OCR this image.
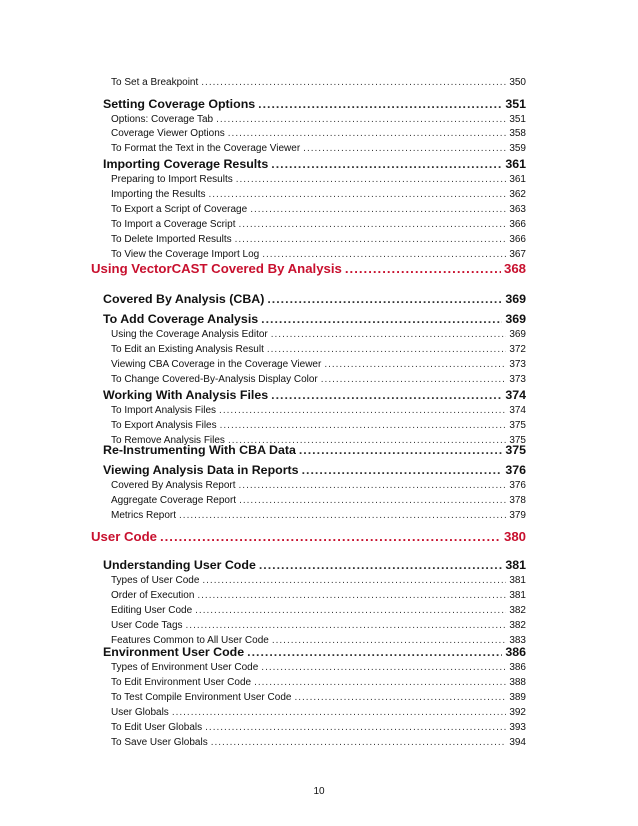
To Set a Breakpoint .....	350
Setting Coverage Options .....	351
Options: Coverage Tab .....	351
Coverage Viewer Options .....	358
To Format the Text in the Coverage Viewer .....	359
Importing Coverage Results .....	361
Preparing to Import Results .....	361
Importing the Results .....	362
To Export a Script of Coverage .....	363
To Import a Coverage Script .....	366
To Delete Imported Results .....	366
To View the Coverage Import Log .....	367
Using VectorCAST Covered By Analysis .....	368
Covered By Analysis (CBA) .....	369
To Add Coverage Analysis .....	369
Using the Coverage Analysis Editor .....	369
To Edit an Existing Analysis Result .....	372
Viewing CBA Coverage in the Coverage Viewer .....	373
To Change Covered-By-Analysis Display Color .....	373
Working With Analysis Files .....	374
To Import Analysis Files .....	374
To Export Analysis Files .....	375
To Remove Analysis Files .....	375
Re-Instrumenting With CBA Data .....	375
Viewing Analysis Data in Reports .....	376
Covered By Analysis Report .....	376
Aggregate Coverage Report .....	378
Metrics Report .....	379
User Code .....	380
Understanding User Code .....	381
Types of User Code .....	381
Order of Execution .....	381
Editing User Code .....	382
User Code Tags .....	382
Features Common to All User Code .....	383
Environment User Code .....	386
Types of Environment User Code .....	386
To Edit Environment User Code .....	388
To Test Compile Environment User Code .....	389
User Globals .....	392
To Edit User Globals .....	393
To Save User Globals .....	394
10
